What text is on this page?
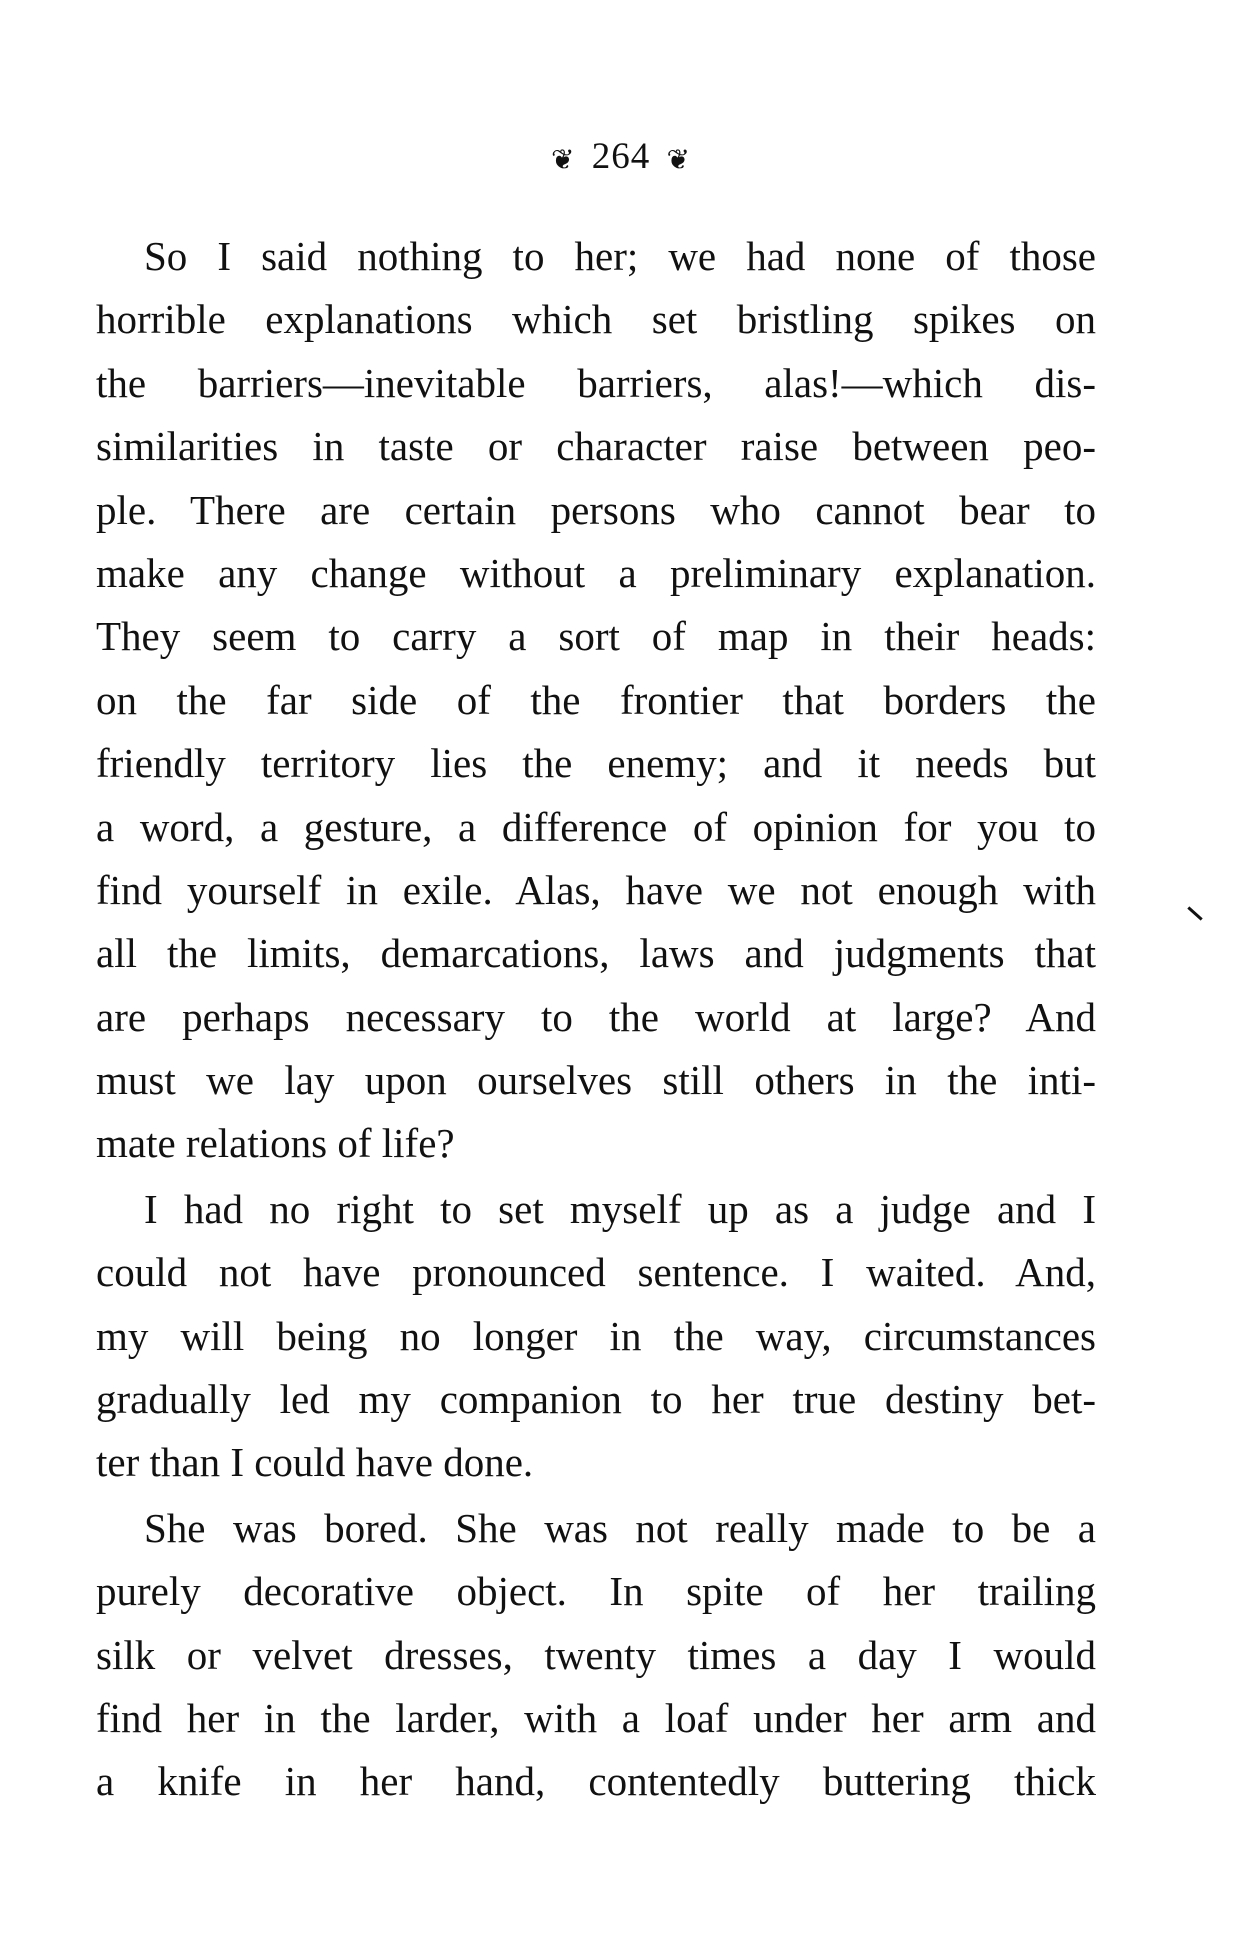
❦ 264 ❦
So I said nothing to her; we had none of those
horrible explanations which set bristling spikes on
the barriers—inevitable barriers, alas!—which dis-
similarities in taste or character raise between peo-
ple. There are certain persons who cannot bear to
make any change without a preliminary explanation.
They seem to carry a sort of map in their heads:
on the far side of the frontier that borders the
friendly territory lies the enemy; and it needs but
a word, a gesture, a difference of opinion for you to
find yourself in exile. Alas, have we not enough with
all the limits, demarcations, laws and judgments that
are perhaps necessary to the world at large? And
must we lay upon ourselves still others in the inti-
mate relations of life?
I had no right to set myself up as a judge and I
could not have pronounced sentence. I waited. And,
my will being no longer in the way, circumstances
gradually led my companion to her true destiny bet-
ter than I could have done.
She was bored. She was not really made to be a
purely decorative object. In spite of her trailing
silk or velvet dresses, twenty times a day I would
find her in the larder, with a loaf under her arm and
a knife in her hand, contentedly buttering thick
